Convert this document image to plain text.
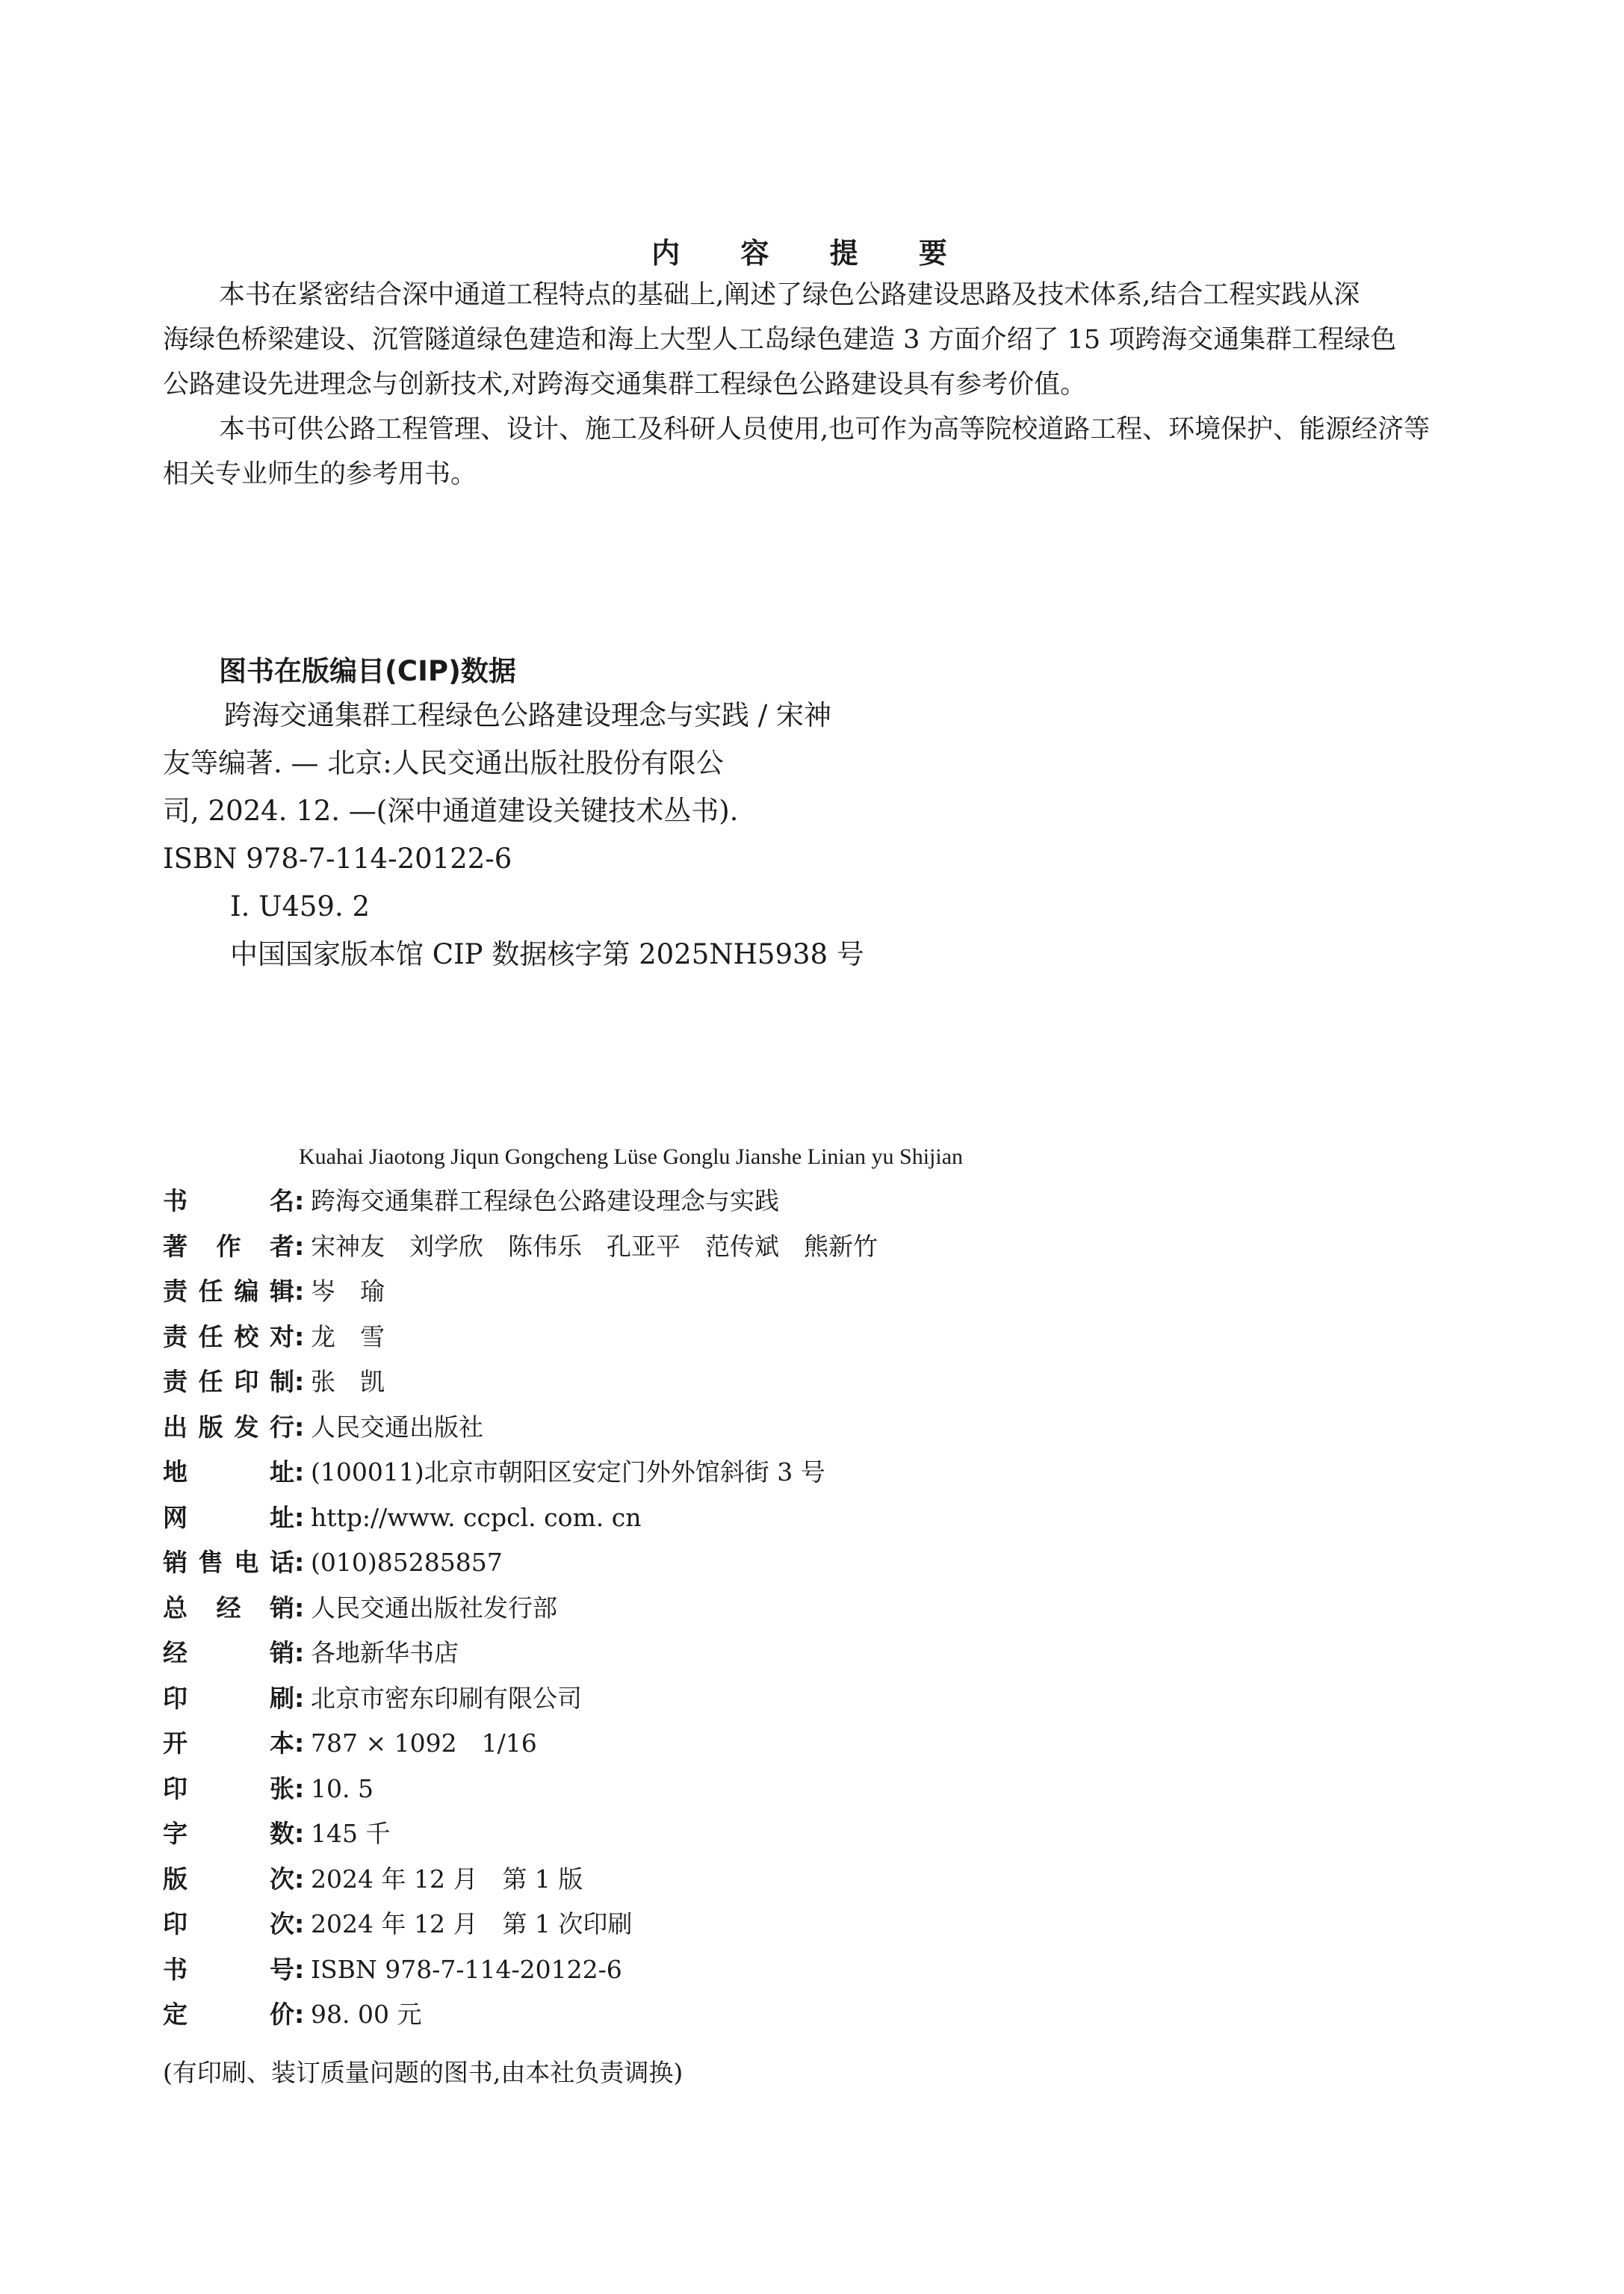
内 容 提 要
本书在紧密结合深中通道工程特点的基础上,阐述了绿色公路建设思路及技术体系,结合工程实践从深
海绿色桥梁建设、沉管隧道绿色建造和海上大型人工岛绿色建造 3 方面介绍了 15 项跨海交通集群工程绿色
公路建设先进理念与创新技术,对跨海交通集群工程绿色公路建设具有参考价值。
本书可供公路工程管理、设计、施工及科研人员使用,也可作为高等院校道路工程、环境保护、能源经济等
相关专业师生的参考用书。
图书在版编目(CIP)数据
跨海交通集群工程绿色公路建设理念与实践 / 宋神
友等编著. — 北京:人民交通出版社股份有限公
司, 2024. 12. —(深中通道建设关键技术丛书).
ISBN 978-7-114-20122-6
Ⅰ. U459. 2
中国国家版本馆 CIP 数据核字第 2025NH5938 号
Kuahai Jiaotong Jiqun Gongcheng Lüse Gonglu Jianshe Linian yu Shijian
书	名 : 跨海交通集群工程绿色公路建设理念与实践
著 作 者 : 宋神友　刘学欣　陈伟乐　孔亚平　范传斌　熊新竹
责 任 编 辑 : 岑　瑜
责 任 校 对 : 龙　雪
责 任 印 制 : 张　凯
出 版 发 行 : 人民交通出版社
地	址 : (100011)北京市朝阳区安定门外外馆斜街 3 号
网	址 : http://www. ccpcl. com. cn
销 售 电 话 : (010)85285857
总 经 销 : 人民交通出版社发行部
经	销 : 各地新华书店
印	刷 : 北京市密东印刷有限公司
开	本 : 787 × 1092　1/16
印	张 : 10. 5
字	数 : 145 千
版	次 : 2024 年 12 月　第 1 版
印	次 : 2024 年 12 月　第 1 次印刷
书	号 : ISBN 978-7-114-20122-6
定	价 : 98. 00 元
(有印刷、装订质量问题的图书,由本社负责调换)
